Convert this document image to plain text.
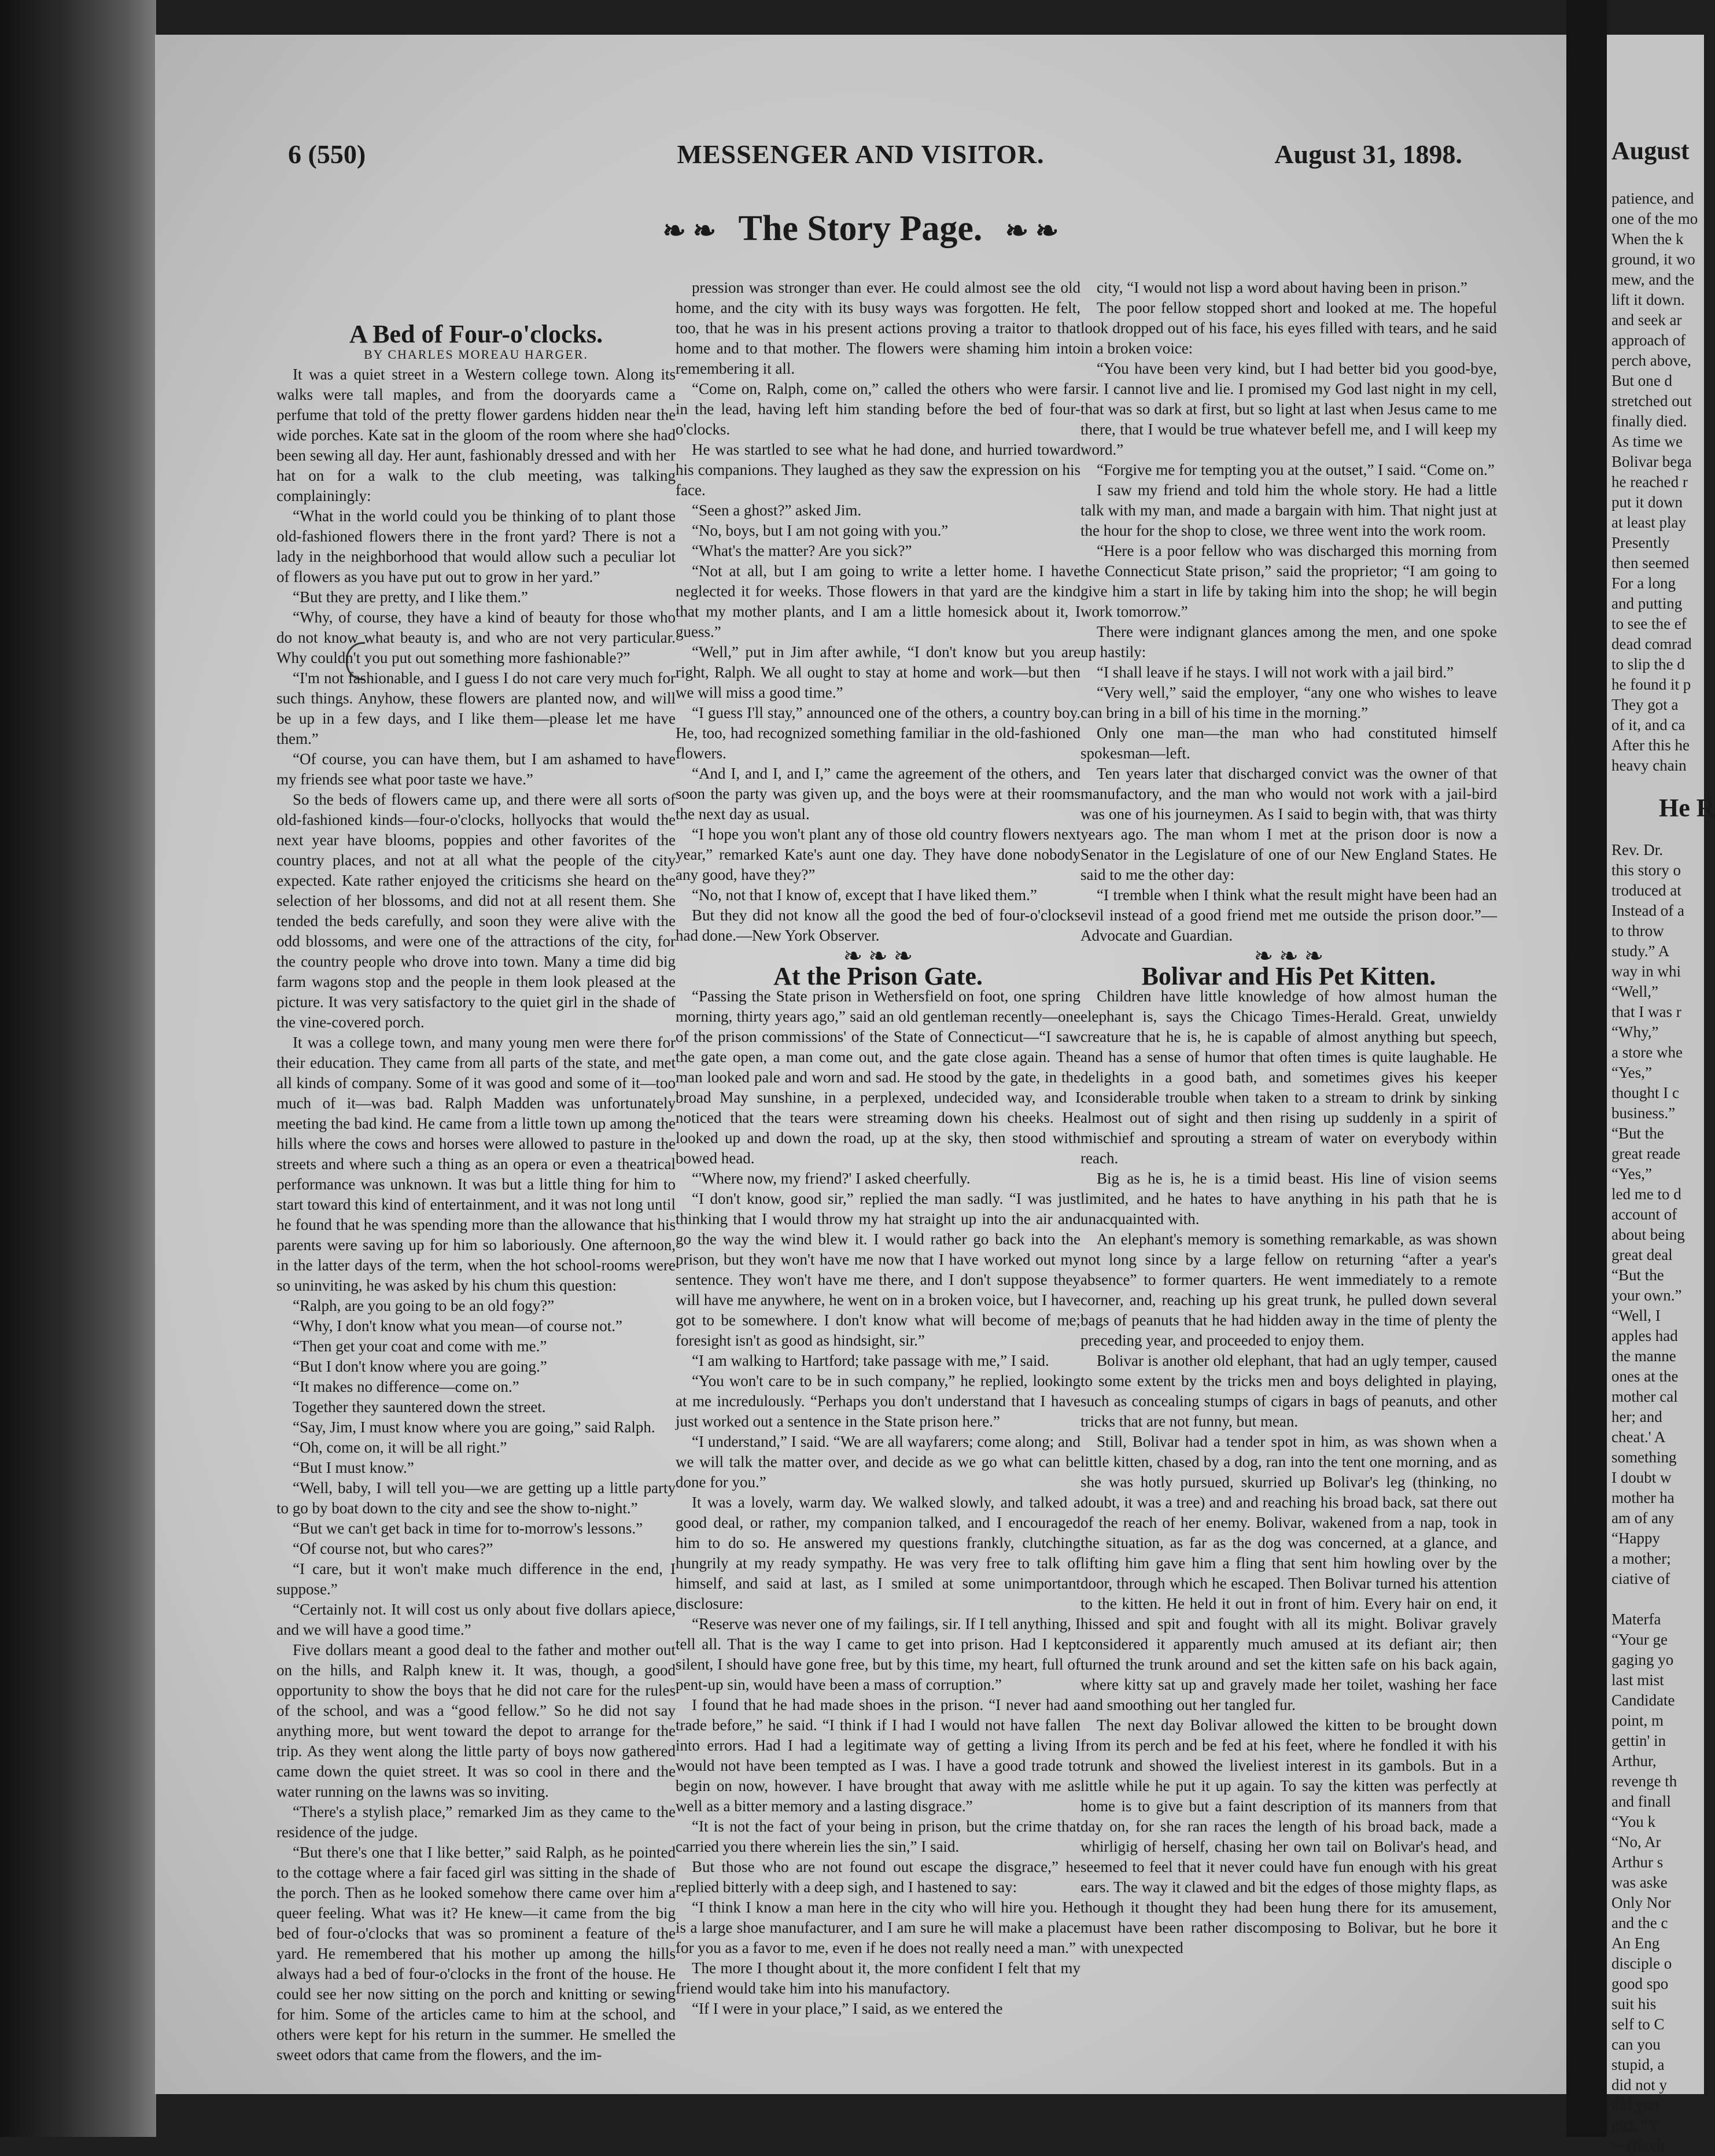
6 (550)	MESSENGER AND VISITOR.	August 31, 1898.
❧ ❧ The Story Page. ❧ ❧

A Bed of Four-o'clocks.

BY CHARLES MOREAU HARGER.

It was a quiet street in a Western college town. Along its walks were tall maples, and from the dooryards came a perfume that told of the pretty flower gardens hidden near the wide porches. Kate sat in the gloom of the room where she had been sewing all day. Her aunt, fashionably dressed and with her hat on for a walk to the club meeting, was talking complainingly:

“What in the world could you be thinking of to plant those old-fashioned flowers there in the front yard? There is not a lady in the neighborhood that would allow such a peculiar lot of flowers as you have put out to grow in her yard.”

“But they are pretty, and I like them.”

“Why, of course, they have a kind of beauty for those who do not know what beauty is, and who are not very particular. Why couldn't you put out something more fashionable?”

“I'm not fashionable, and I guess I do not care very much for such things. Anyhow, these flowers are planted now, and will be up in a few days, and I like them—please let me have them.”

“Of course, you can have them, but I am ashamed to have my friends see what poor taste we have.”

So the beds of flowers came up, and there were all sorts of old-fashioned kinds—four-o'clocks, hollyocks that would the next year have blooms, poppies and other favorites of the country places, and not at all what the people of the city expected. Kate rather enjoyed the criticisms she heard on the selection of her blossoms, and did not at all resent them. She tended the beds carefully, and soon they were alive with the odd blossoms, and were one of the attractions of the city, for the country people who drove into town. Many a time did big farm wagons stop and the people in them look pleased at the picture. It was very satisfactory to the quiet girl in the shade of the vine-covered porch.

It was a college town, and many young men were there for their education. They came from all parts of the state, and met all kinds of company. Some of it was good and some of it—too much of it—was bad. Ralph Madden was unfortunately meeting the bad kind. He came from a little town up among the hills where the cows and horses were allowed to pasture in the streets and where such a thing as an opera or even a theatrical performance was unknown. It was but a little thing for him to start toward this kind of entertainment, and it was not long until he found that he was spending more than the allowance that his parents were saving up for him so laboriously. One afternoon, in the latter days of the term, when the hot school-rooms were so uninviting, he was asked by his chum this question:

“Ralph, are you going to be an old fogy?”

“Why, I don't know what you mean—of course not.”

“Then get your coat and come with me.”

“But I don't know where you are going.”

“It makes no difference—come on.”

Together they sauntered down the street.

“Say, Jim, I must know where you are going,” said Ralph.

“Oh, come on, it will be all right.”

“But I must know.”

“Well, baby, I will tell you—we are getting up a little party to go by boat down to the city and see the show to-night.”

“But we can't get back in time for to-morrow's lessons.”

“Of course not, but who cares?”

“I care, but it won't make much difference in the end, I suppose.”

“Certainly not. It will cost us only about five dollars apiece, and we will have a good time.”

Five dollars meant a good deal to the father and mother out on the hills, and Ralph knew it. It was, though, a good opportunity to show the boys that he did not care for the rules of the school, and was a “good fellow.” So he did not say anything more, but went toward the depot to arrange for the trip. As they went along the little party of boys now gathered came down the quiet street. It was so cool in there and the water running on the lawns was so inviting.

“There's a stylish place,” remarked Jim as they came to the residence of the judge.

“But there's one that I like better,” said Ralph, as he pointed to the cottage where a fair faced girl was sitting in the shade of the porch. Then as he looked somehow there came over him a queer feeling. What was it? He knew—it came from the big bed of four-o'clocks that was so prominent a feature of the yard. He remembered that his mother up among the hills always had a bed of four-o'clocks in the front of the house. He could see her now sitting on the porch and knitting or sewing for him. Some of the articles came to him at the school, and others were kept for his return in the summer. He smelled the sweet odors that came from the flowers, and the im-

pression was stronger than ever. He could almost see the old home, and the city with its busy ways was forgotten. He felt, too, that he was in his present actions proving a traitor to that home and to that mother. The flowers were shaming him into remembering it all.

“Come on, Ralph, come on,” called the others who were far in the lead, having left him standing before the bed of four-o'clocks.

He was startled to see what he had done, and hurried toward his companions. They laughed as they saw the expression on his face.

“Seen a ghost?” asked Jim.

“No, boys, but I am not going with you.”

“What's the matter? Are you sick?”

“Not at all, but I am going to write a letter home. I have neglected it for weeks. Those flowers in that yard are the kind that my mother plants, and I am a little homesick about it, I guess.”

“Well,” put in Jim after awhile, “I don't know but you are right, Ralph. We all ought to stay at home and work—but then we will miss a good time.”

“I guess I'll stay,” announced one of the others, a country boy. He, too, had recognized something familiar in the old-fashioned flowers.

“And I, and I, and I,” came the agreement of the others, and soon the party was given up, and the boys were at their rooms the next day as usual.

“I hope you won't plant any of those old country flowers next year,” remarked Kate's aunt one day. They have done nobody any good, have they?”

“No, not that I know of, except that I have liked them.”

But they did not know all the good the bed of four-o'clocks had done.—New York Observer.

❧ ❧ ❧

At the Prison Gate.

“Passing the State prison in Wethersfield on foot, one spring morning, thirty years ago,” said an old gentleman recently—one of the prison commissions' of the State of Connecticut—“I saw the gate open, a man come out, and the gate close again. The man looked pale and worn and sad. He stood by the gate, in the broad May sunshine, in a perplexed, undecided way, and I noticed that the tears were streaming down his cheeks. He looked up and down the road, up at the sky, then stood with bowed head.

“'Where now, my friend?' I asked cheerfully.

“I don't know, good sir,” replied the man sadly. “I was just thinking that I would throw my hat straight up into the air and go the way the wind blew it. I would rather go back into the prison, but they won't have me now that I have worked out my sentence. They won't have me there, and I don't suppose they will have me anywhere, he went on in a broken voice, but I have got to be somewhere. I don't know what will become of me; foresight isn't as good as hindsight, sir.”

“I am walking to Hartford; take passage with me,” I said.

“You won't care to be in such company,” he replied, looking at me incredulously. “Perhaps you don't understand that I have just worked out a sentence in the State prison here.”

“I understand,” I said. “We are all wayfarers; come along; and we will talk the matter over, and decide as we go what can be done for you.”

It was a lovely, warm day. We walked slowly, and talked a good deal, or rather, my companion talked, and I encouraged him to do so. He answered my questions frankly, clutching hungrily at my ready sympathy. He was very free to talk of himself, and said at last, as I smiled at some unimportant disclosure:

“Reserve was never one of my failings, sir. If I tell anything, I tell all. That is the way I came to get into prison. Had I kept silent, I should have gone free, but by this time, my heart, full of pent-up sin, would have been a mass of corruption.”

I found that he had made shoes in the prison. “I never had a trade before,” he said. “I think if I had I would not have fallen into errors. Had I had a legitimate way of getting a living I would not have been tempted as I was. I have a good trade to begin on now, however. I have brought that away with me as well as a bitter memory and a lasting disgrace.”

“It is not the fact of your being in prison, but the crime that carried you there wherein lies the sin,” I said.

But those who are not found out escape the disgrace,” he replied bitterly with a deep sigh, and I hastened to say:

“I think I know a man here in the city who will hire you. He is a large shoe manufacturer, and I am sure he will make a place for you as a favor to me, even if he does not really need a man.”

The more I thought about it, the more confident I felt that my friend would take him into his manufactory.

“If I were in your place,” I said, as we entered the

city, “I would not lisp a word about having been in prison.”

The poor fellow stopped short and looked at me. The hopeful look dropped out of his face, his eyes filled with tears, and he said in a broken voice:

“You have been very kind, but I had better bid you good-bye, sir. I cannot live and lie. I promised my God last night in my cell, that was so dark at first, but so light at last when Jesus came to me there, that I would be true whatever befell me, and I will keep my word.”

“Forgive me for tempting you at the outset,” I said. “Come on.”

I saw my friend and told him the whole story. He had a little talk with my man, and made a bargain with him. That night just at the hour for the shop to close, we three went into the work room.

“Here is a poor fellow who was discharged this morning from the Connecticut State prison,” said the proprietor; “I am going to give him a start in life by taking him into the shop; he will begin work tomorrow.”

There were indignant glances among the men, and one spoke up hastily:

“I shall leave if he stays. I will not work with a jail bird.”

“Very well,” said the employer, “any one who wishes to leave can bring in a bill of his time in the morning.”

Only one man—the man who had constituted himself spokesman—left.

Ten years later that discharged convict was the owner of that manufactory, and the man who would not work with a jail-bird was one of his journeymen. As I said to begin with, that was thirty years ago. The man whom I met at the prison door is now a Senator in the Legislature of one of our New England States. He said to me the other day:

“I tremble when I think what the result might have been had an evil instead of a good friend met me outside the prison door.”—Advocate and Guardian.

❧ ❧ ❧

Bolivar and His Pet Kitten.

Children have little knowledge of how almost human the elephant is, says the Chicago Times-Herald. Great, unwieldy creature that he is, he is capable of almost anything but speech, and has a sense of humor that often times is quite laughable. He delights in a good bath, and sometimes gives his keeper considerable trouble when taken to a stream to drink by sinking almost out of sight and then rising up suddenly in a spirit of mischief and sprouting a stream of water on everybody within reach.

Big as he is, he is a timid beast. His line of vision seems limited, and he hates to have anything in his path that he is unacquainted with.

An elephant's memory is something remarkable, as was shown not long since by a large fellow on returning “after a year's absence” to former quarters. He went immediately to a remote corner, and, reaching up his great trunk, he pulled down several bags of peanuts that he had hidden away in the time of plenty the preceding year, and proceeded to enjoy them.

Bolivar is another old elephant, that had an ugly temper, caused to some extent by the tricks men and boys delighted in playing, such as concealing stumps of cigars in bags of peanuts, and other tricks that are not funny, but mean.

Still, Bolivar had a tender spot in him, as was shown when a little kitten, chased by a dog, ran into the tent one morning, and as she was hotly pursued, skurried up Bolivar's leg (thinking, no doubt, it was a tree) and and reaching his broad back, sat there out of the reach of her enemy. Bolivar, wakened from a nap, took in the situation, as far as the dog was concerned, at a glance, and lifting him gave him a fling that sent him howling over by the door, through which he escaped. Then Bolivar turned his attention to the kitten. He held it out in front of him. Every hair on end, it hissed and spit and fought with all its might. Bolivar gravely considered it apparently much amused at its defiant air; then turned the trunk around and set the kitten safe on his back again, where kitty sat up and gravely made her toilet, washing her face and smoothing out her tangled fur.

The next day Bolivar allowed the kitten to be brought down from its perch and be fed at his feet, where he fondled it with his trunk and showed the liveliest interest in its gambols. But in a little while he put it up again. To say the kitten was perfectly at home is to give but a faint description of its manners from that day on, for she ran races the length of his broad back, made a whirligig of herself, chasing her own tail on Bolivar's head, and seemed to feel that it never could have fun enough with his great ears. The way it clawed and bit the edges of those mighty flaps, as though it thought they had been hung there for its amusement, must have been rather discomposing to Bolivar, but he bore it with unexpected

August

patience, and

one of the mo

When the k

ground, it wo

mew, and the

lift it down.

and seek ar

approach of

perch above,

But one d

stretched out

finally died.

As time we

Bolivar bega

he reached r

put it down

at least play

Presently

then seemed

For a long

and putting

to see the ef

dead comrad

to slip the d

he found it p

They got a

of it, and ca

After this he

heavy chain

He R

Rev. Dr.

this story o

troduced at

Instead of a

to throw

study.” A

way in whi

“Well,”

that I was r

“Why,”

a store whe

“Yes,”

thought I c

business.”

“But the

great reade

“Yes,”

led me to d

account of

about being

great deal

“But the

your own.”

“Well, I

apples had

the manne

ones at the

mother cal

her; and

cheat.' A

something

I doubt w

mother ha

am of any

“Happy

a mother;

ciative of

Materfa

“Your ge

gaging yo

last mist

Candidate

point, m

gettin' in

Arthur,

revenge th

and finall

“You k

“No, Ar

Arthur s

was aske

Only Nor

and the c

An Eng

disciple o

good spo

suit his

self to C

can you

stupid, a

did not y

did you

girl. “Y

—(Exch
